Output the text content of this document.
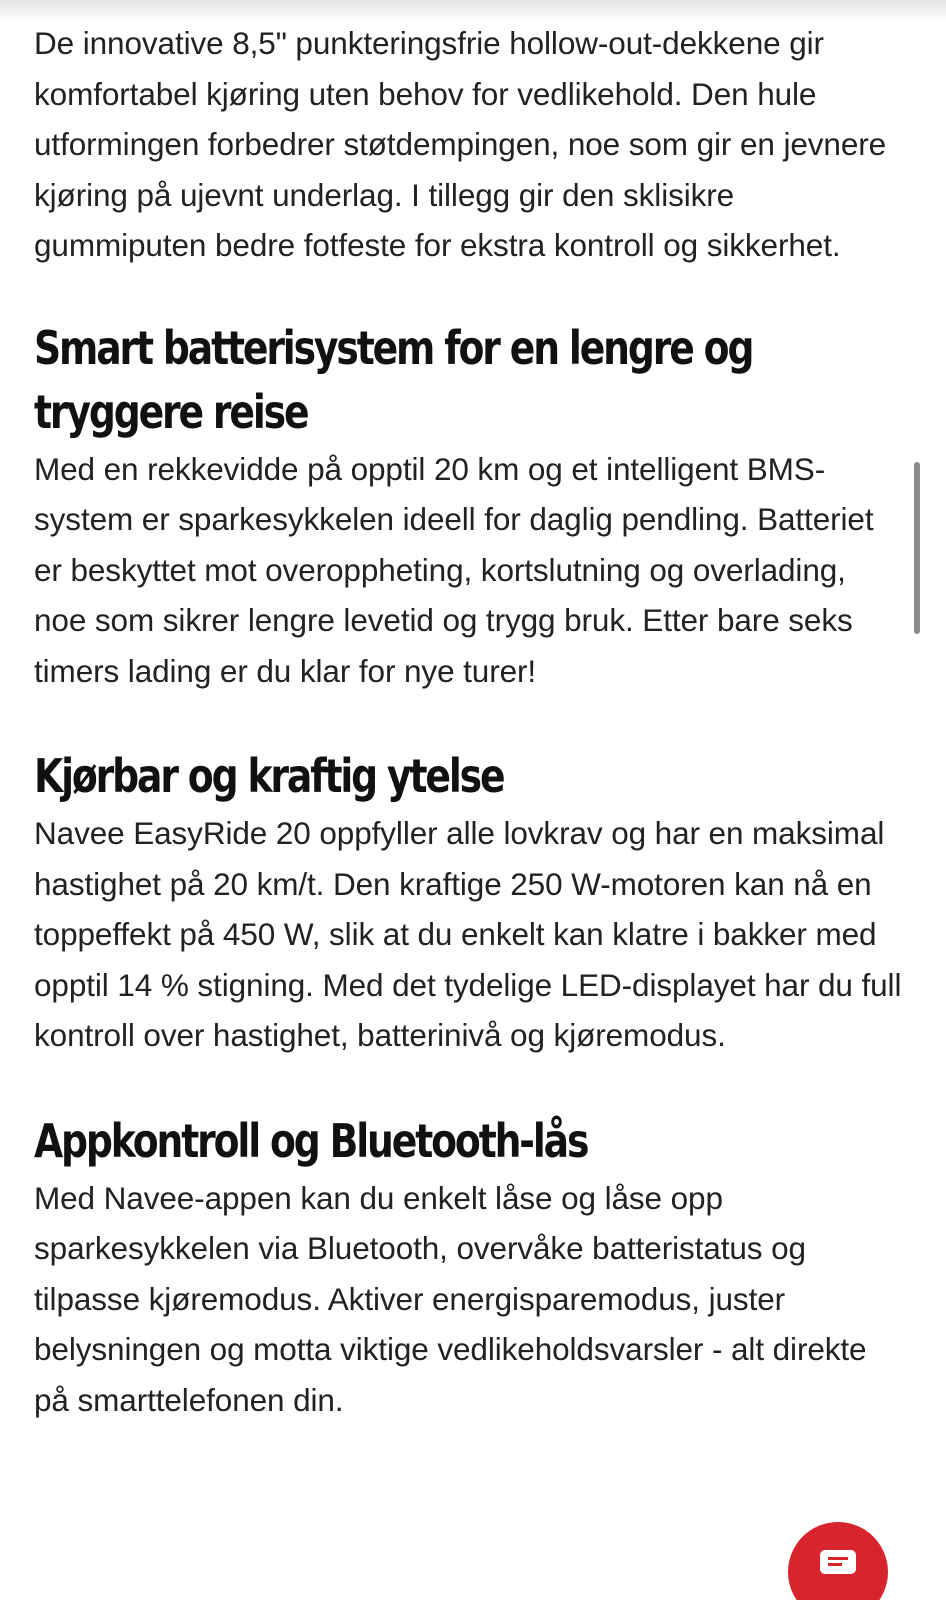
De innovative 8,5" punkteringsfrie hollow-out-dekkene gir komfortabel kjøring uten behov for vedlikehold. Den hule utformingen forbedrer støtdempingen, noe som gir en jevnere kjøring på ujevnt underlag. I tillegg gir den sklisikre gummiputen bedre fotfeste for ekstra kontroll og sikkerhet.

Smart batterisystem for en lengre og tryggere reise

Med en rekkevidde på opptil 20 km og et intelligent BMS-system er sparkesykkelen ideell for daglig pendling. Batteriet er beskyttet mot overoppheting, kortslutning og overlading, noe som sikrer lengre levetid og trygg bruk. Etter bare seks timers lading er du klar for nye turer!

Kjørbar og kraftig ytelse

Navee EasyRide 20 oppfyller alle lovkrav og har en maksimal hastighet på 20 km/t. Den kraftige 250 W-motoren kan nå en toppeffekt på 450 W, slik at du enkelt kan klatre i bakker med opptil 14 % stigning. Med det tydelige LED-displayet har du full kontroll over hastighet, batterinivå og kjøremodus.

Appkontroll og Bluetooth-lås

Med Navee-appen kan du enkelt låse og låse opp sparkesykkelen via Bluetooth, overvåke batteristatus og tilpasse kjøremodus. Aktiver energisparemodus, juster belysningen og motta viktige vedlikeholdsvarsler - alt direkte på smarttelefonen din.
